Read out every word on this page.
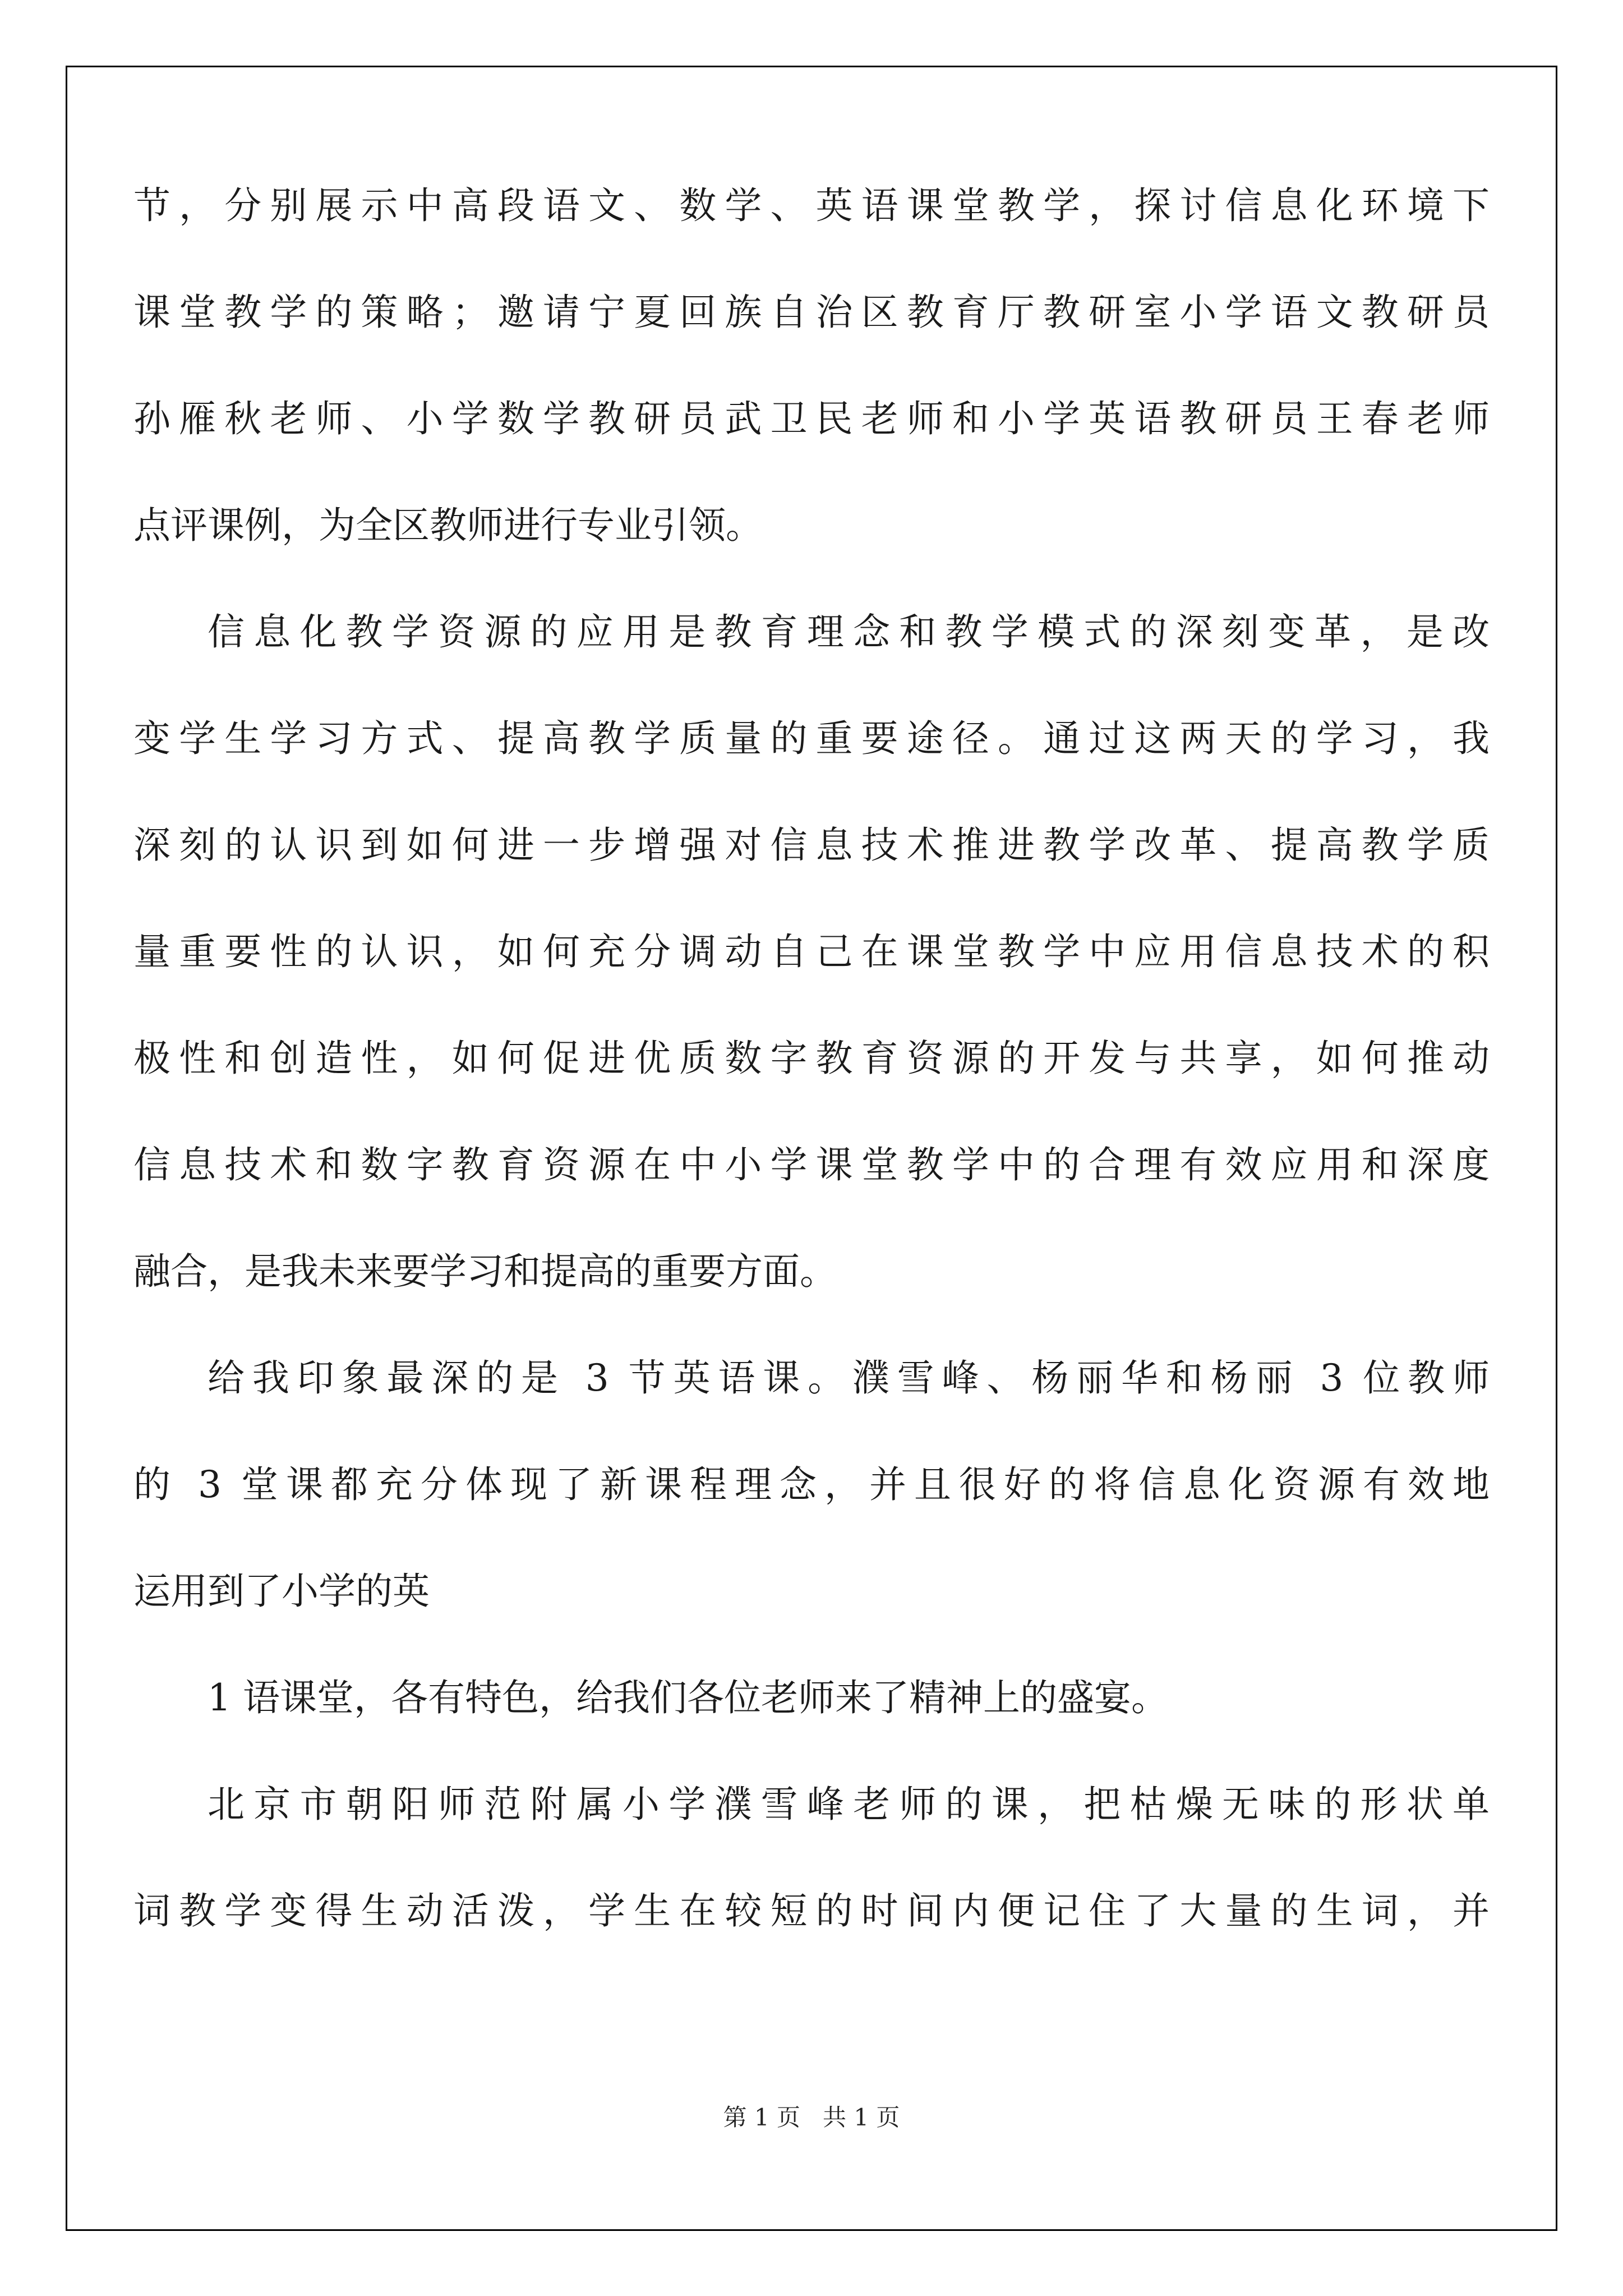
节，分别展示中高段语文、数学、英语课堂教学，探讨信息化环境下
课堂教学的策略；邀请宁夏回族自治区教育厅教研室小学语文教研员
孙雁秋老师、小学数学教研员武卫民老师和小学英语教研员王春老师
点评课例，为全区教师进行专业引领。
信息化教学资源的应用是教育理念和教学模式的深刻变革，是改
变学生学习方式、提高教学质量的重要途径。通过这两天的学习，我
深刻的认识到如何进一步增强对信息技术推进教学改革、提高教学质
量重要性的认识，如何充分调动自己在课堂教学中应用信息技术的积
极性和创造性，如何促进优质数字教育资源的开发与共享，如何推动
信息技术和数字教育资源在中小学课堂教学中的合理有效应用和深度
融合，是我未来要学习和提高的重要方面。
给我印象最深的是 3 节英语课。濮雪峰、杨丽华和杨丽 3 位教师
的 3 堂课都充分体现了新课程理念，并且很好的将信息化资源有效地
运用到了小学的英
1 语课堂，各有特色，给我们各位老师来了精神上的盛宴。
北京市朝阳师范附属小学濮雪峰老师的课，把枯燥无味的形状单
词教学变得生动活泼，学生在较短的时间内便记住了大量的生词，并
第 1 页 共 1 页
